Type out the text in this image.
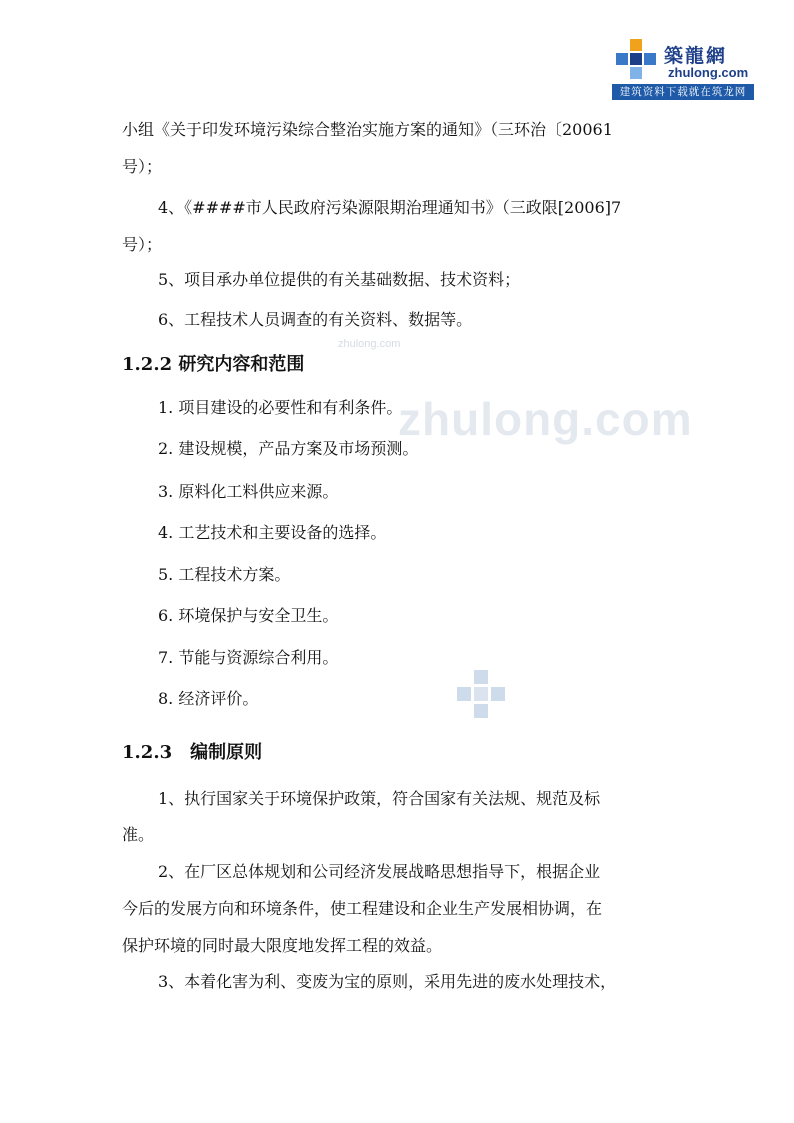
築龍網
zhulong.com
建筑资料下载就在筑龙网
zhulong.com
zhulong.com
小组《关于印发环境污染综合整治实施方案的通知》（三环治〔20061
号）；
4、《####市人民政府污染源限期治理通知书》（三政限[2006]7
号）；
5、项目承办单位提供的有关基础数据、技术资料；
6、工程技术人员调查的有关资料、数据等。
1.2.2 研究内容和范围
1. 项目建设的必要性和有利条件。
2. 建设规模，产品方案及市场预测。
3. 原料化工料供应来源。
4. 工艺技术和主要设备的选择。
5. 工程技术方案。
6. 环境保护与安全卫生。
7. 节能与资源综合利用。
8. 经济评价。
1.2.3　编制原则
1、执行国家关于环境保护政策，符合国家有关法规、规范及标
准。
2、在厂区总体规划和公司经济发展战略思想指导下，根据企业
今后的发展方向和环境条件，使工程建设和企业生产发展相协调，在
保护环境的同时最大限度地发挥工程的效益。
3、本着化害为利、变废为宝的原则，采用先进的废水处理技术，
